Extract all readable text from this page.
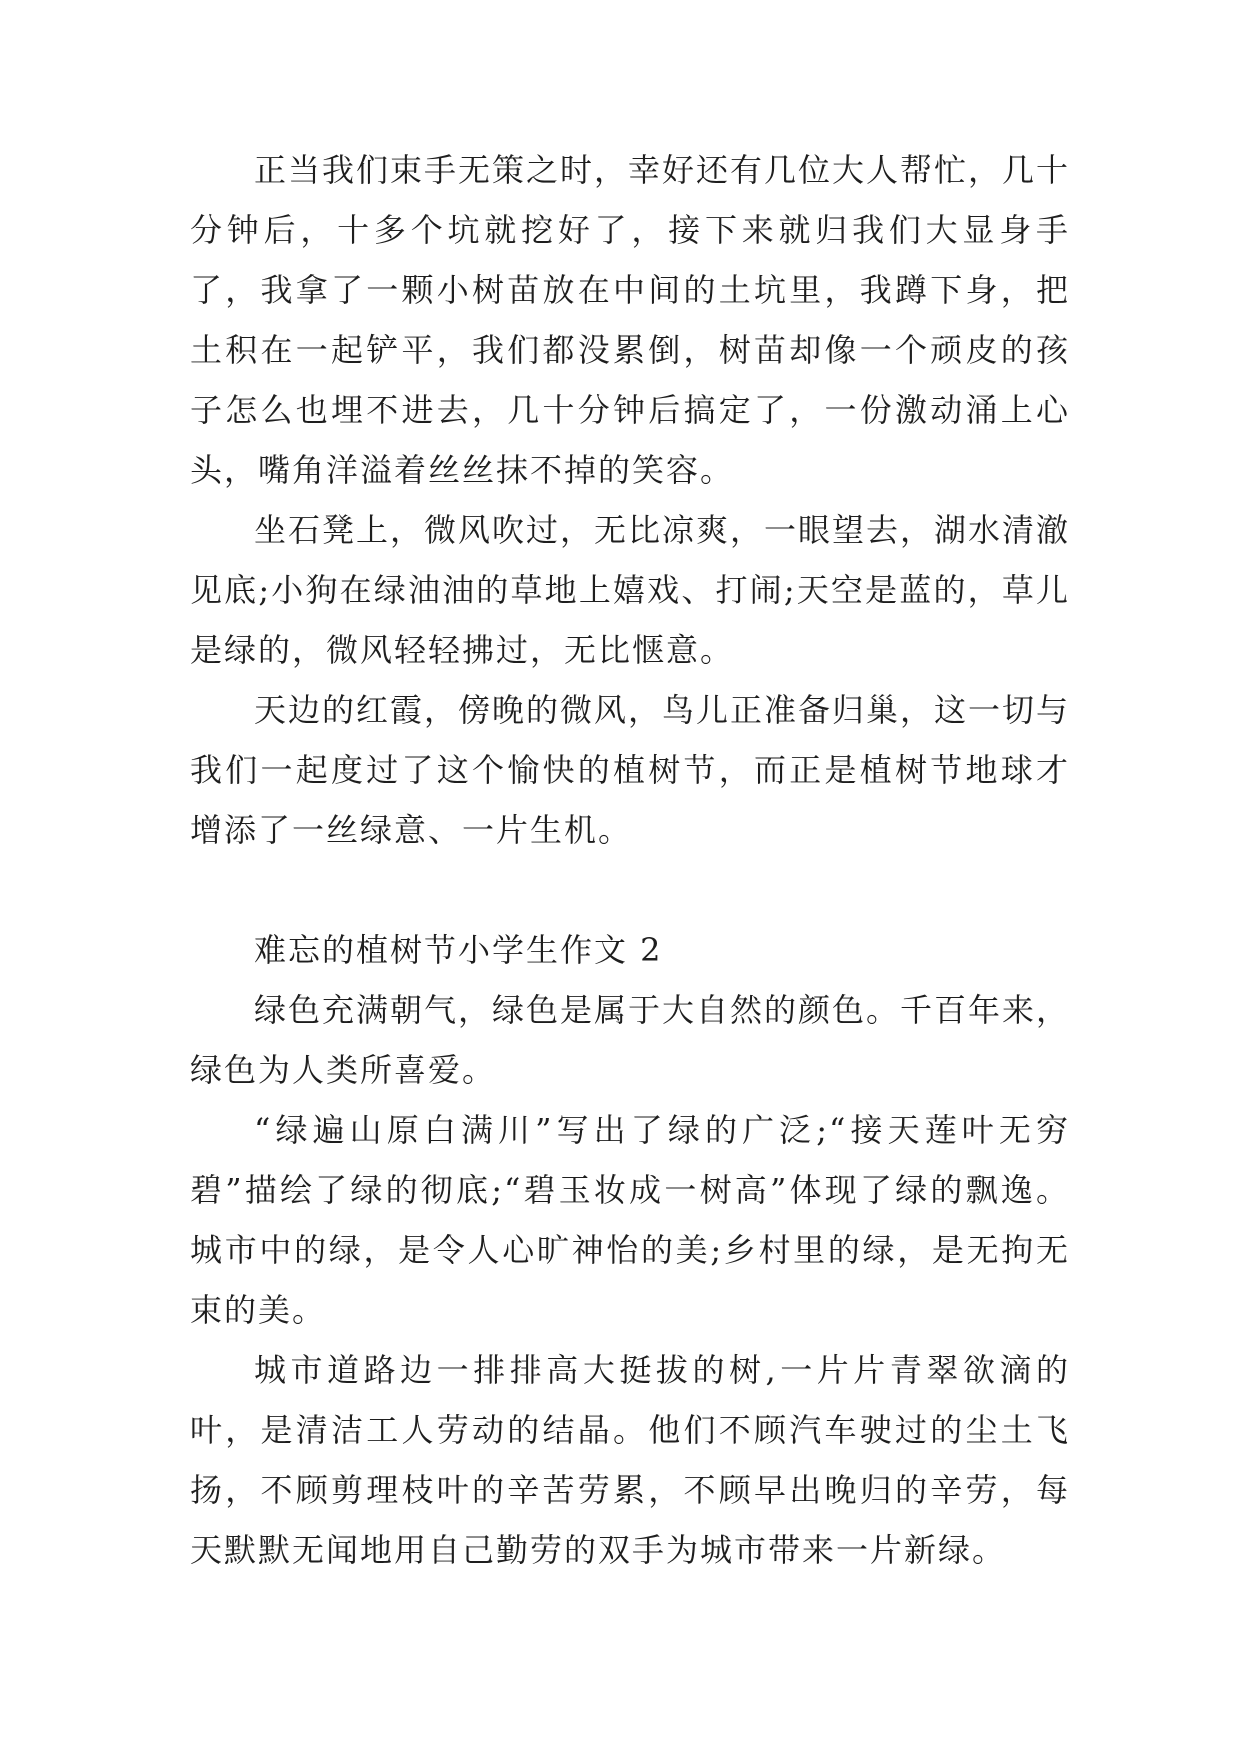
正当我们束手无策之时，幸好还有几位大人帮忙，几十分钟后，十多个坑就挖好了，接下来就归我们大显身手了，我拿了一颗小树苗放在中间的土坑里，我蹲下身，把土积在一起铲平，我们都没累倒，树苗却像一个顽皮的孩子怎么也埋不进去，几十分钟后搞定了，一份激动涌上心头，嘴角洋溢着丝丝抹不掉的笑容。

坐石凳上，微风吹过，无比凉爽，一眼望去，湖水清澈见底;小狗在绿油油的草地上嬉戏、打闹;天空是蓝的，草儿是绿的，微风轻轻拂过，无比惬意。

天边的红霞，傍晚的微风，鸟儿正准备归巢，这一切与我们一起度过了这个愉快的植树节，而正是植树节地球才增添了一丝绿意、一片生机。

难忘的植树节小学生作文 2

绿色充满朝气，绿色是属于大自然的颜色。千百年来，绿色为人类所喜爱。

“绿遍山原白满川”写出了绿的广泛;“接天莲叶无穷碧”描绘了绿的彻底;“碧玉妆成一树高”体现了绿的飘逸。城市中的绿，是令人心旷神怡的美;乡村里的绿，是无拘无束的美。

城市道路边一排排高大挺拔的树,一片片青翠欲滴的叶，是清洁工人劳动的结晶。他们不顾汽车驶过的尘土飞扬，不顾剪理枝叶的辛苦劳累，不顾早出晚归的辛劳，每天默默无闻地用自己勤劳的双手为城市带来一片新绿。
